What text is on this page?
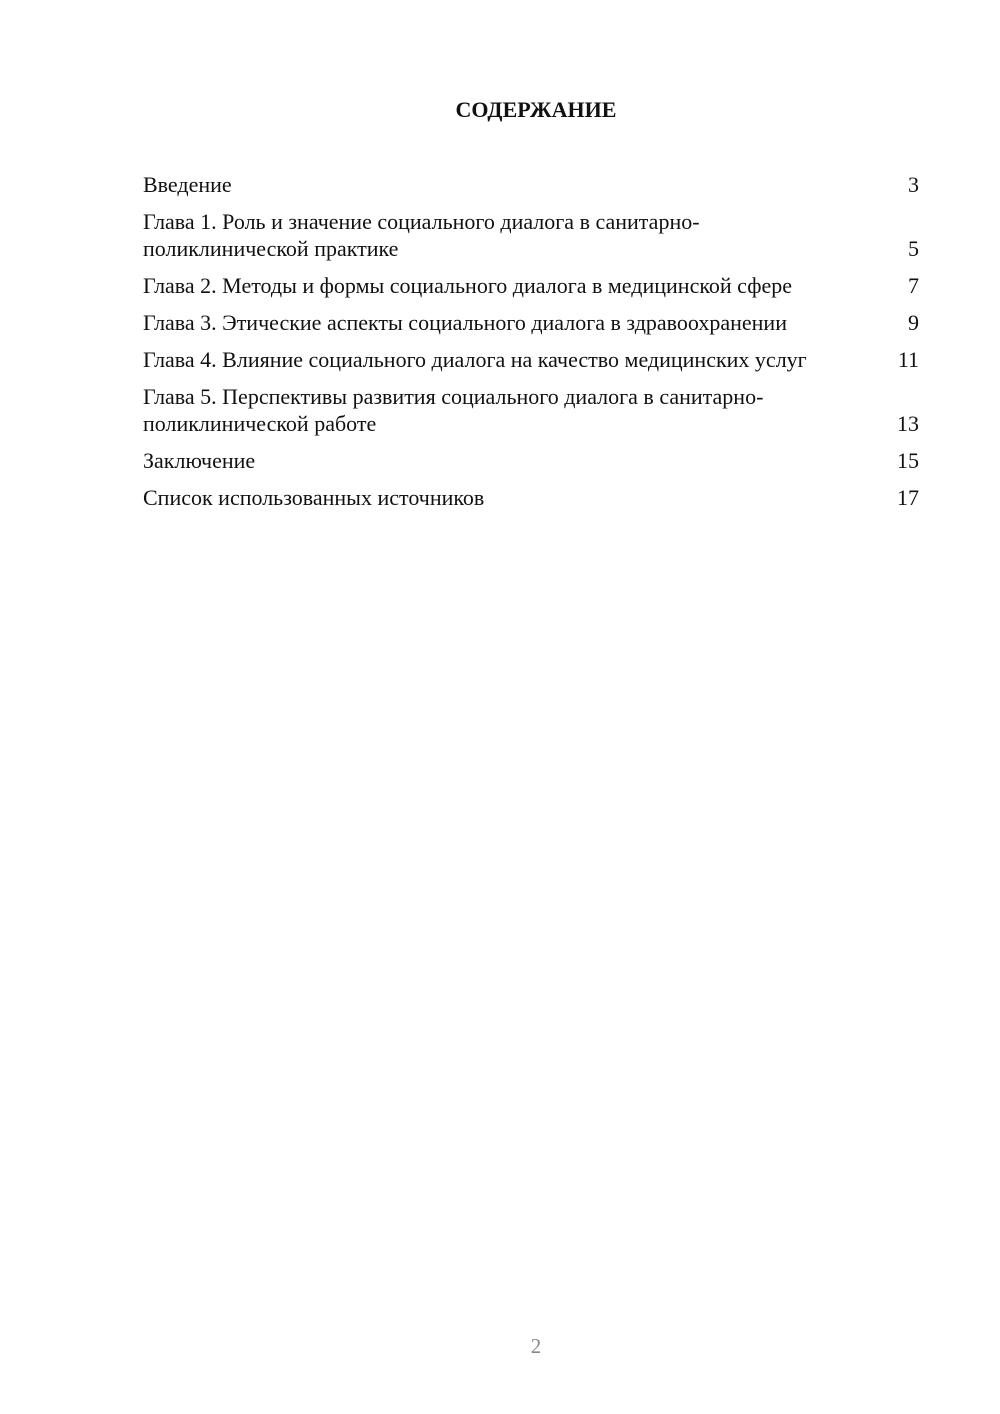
СОДЕРЖАНИЕ
Введение	3
Глава 1. Роль и значение социального диалога в санитарно-поликлинической практике	5
Глава 2. Методы и формы социального диалога в медицинской сфере	7
Глава 3. Этические аспекты социального диалога в здравоохранении	9
Глава 4. Влияние социального диалога на качество медицинских услуг	11
Глава 5. Перспективы развития социального диалога в санитарно-поликлинической работе	13
Заключение	15
Список использованных источников	17
2
